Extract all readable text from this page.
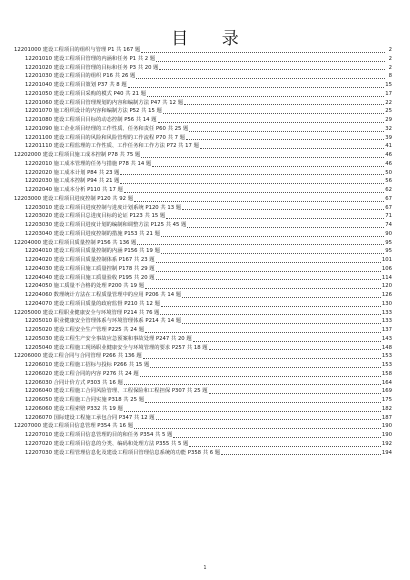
目 录
12201000 建设工程项目的组织与管理 P1 共 167 题	2
12201010 建设工程项目管理的内涵和任务 P1 共 2 题	2
12201020 建设工程项目管理的目标和任务 P3 共 20 题	2
12201030 建设工程项目的组织 P16 共 26 题	8
12201040 建设工程项目策划 P37 共 8 题	15
12201050 建设工程项目采购的模式 P40 共 21 题	17
12201060 建设工程项目管理规划的内容和编制方法 P47 共 12 题	22
12201070 施工组织设计的内容和编制方法 P52 共 15 题	25
12201080 建设工程项目目标的动态控制 P56 共 14 题	29
12201090 施工企业项目经理的工作性质、任务和责任 P60 共 25 题	32
12201100 建设工程项目的风险和风险管理的工作流程 P70 共 7 题	39
12201110 建设工程监理的工作性质、工作任务和工作方法 P72 共 17 题	41
12202000 建设工程项目施工成本控制 P78 共 75 题	46
12202010 施工成本管理的任务与措施 P78 共 14 题	46
12202020 施工成本计划 P84 共 23 题	50
12202030 施工成本控制 P94 共 21 题	56
12202040 施工成本分析 P110 共 17 题	62
12203000 建设工程项目进度控制 P120 共 92 题	67
12203010 建设工程项目进度控制与进度计划系统 P120 共 13 题	67
12203020 建设工程项目总进度目标的论证 P123 共 15 题	71
12203030 建设工程项目进度计划的编制和调整方法 P125 共 45 题	74
12203040 建设工程项目进度控制的措施 P153 共 21 题	90
12204000 建设工程项目质量控制 P156 共 136 题	95
12204010 建设工程项目质量控制的内涵 P156 共 19 题	95
12204020 建设工程项目质量控制体系 P167 共 23 题	101
12204030 建设工程项目施工质量控制 P178 共 29 题	106
12204040 建设工程项目施工质量验收 P195 共 20 题	114
12204050 施工质量不合格的处理 P200 共 19 题	120
12204060 数理统计方法在工程质量管理中的应用 P206 共 14 题	126
12204070 建设工程项目质量的政府监督 P210 共 12 题	130
12205000 建设工程职业健康安全与环境管理 P214 共 76 题	133
12205010 职业健康安全管理体系与环境管理体系 P214 共 14 题	133
12205020 建设工程安全生产管理 P225 共 24 题	137
12205030 建设工程生产安全事故应急预案和事故处理 P247 共 20 题	143
12205040 建设工程施工现场职业健康安全与环境管理的要求 P257 共 18 题	148
12206000 建设工程合同与合同管理 P266 共 136 题	153
12206010 建设工程施工招标与投标 P266 共 15 题	153
12206020 建设工程合同的内容 P276 共 24 题	158
12206030 合同计价方式 P303 共 16 题	164
12206040 建设工程施工合同风险管理、工程保险和工程担保 P307 共 25 题	169
12206050 建设工程施工合同实施 P318 共 25 题	175
12206060 建设工程索赔 P332 共 19 题	182
12206070 国际建设工程施工承包合同 P347 共 12 题	187
12207000 建设工程项目信息管理 P354 共 16 题	190
12207010 建设工程项目信息管理的目的和任务 P354 共 5 题	190
12207020 建设工程项目信息的分类、编码和处理方法 P355 共 5 题	192
12207030 建设工程管理信息化及建设工程项目管理信息系统的功能 P358 共 6 题	194
1
